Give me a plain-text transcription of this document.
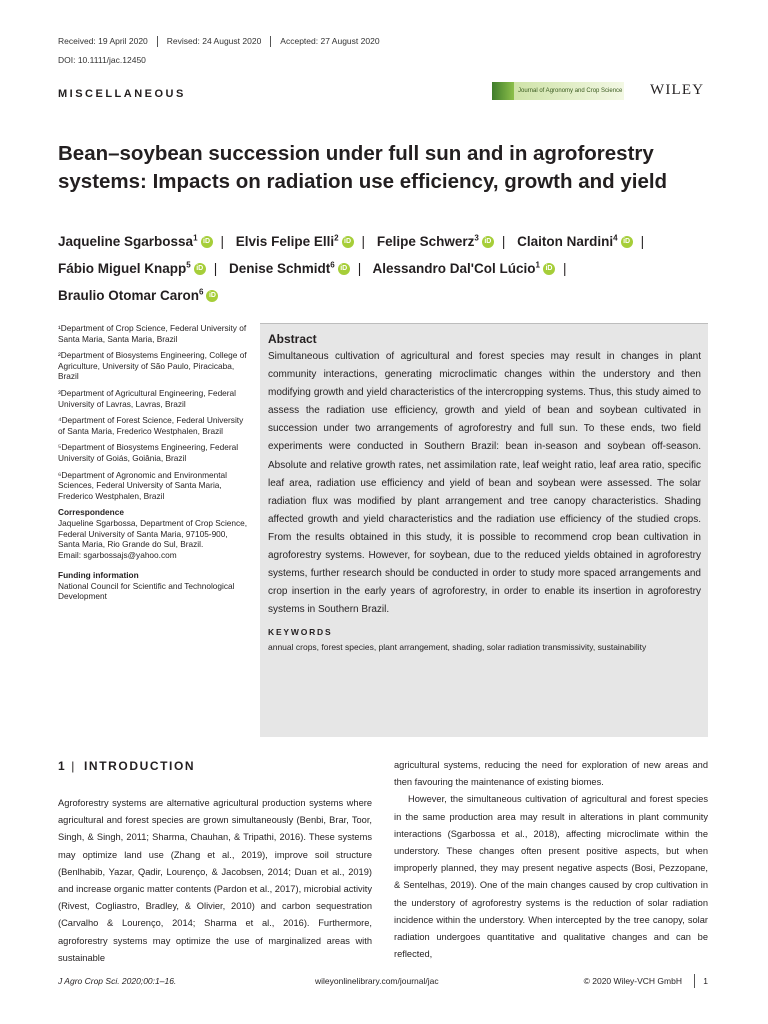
Received: 19 April 2020	Revised: 24 August 2020	Accepted: 27 August 2020
DOI: 10.1111/jac.12450
MISCELLANEOUS	Journal of Agronomy and Crop Science WILEY
Bean–soybean succession under full sun and in agroforestry systems: Impacts on radiation use efficiency, growth and yield
Jaqueline Sgarbossa$^1$ iD | Elvis Felipe Elli$^2$ iD | Felipe Schwerz$^3$ iD | Claiton Nardini$^4$ iD | Fábio Miguel Knapp$^5$ iD | Denise Schmidt$^6$ iD | Alessandro Dal'Col Lúcio$^1$ iD | Braulio Otomar Caron$^6$ iD
¹Department of Crop Science, Federal University of Santa Maria, Santa Maria, Brazil
²Department of Biosystems Engineering, College of Agriculture, University of São Paulo, Piracicaba, Brazil
³Department of Agricultural Engineering, Federal University of Lavras, Lavras, Brazil
⁴Department of Forest Science, Federal University of Santa Maria, Frederico Westphalen, Brazil
⁵Department of Biosystems Engineering, Federal University of Goiás, Goiânia, Brazil
⁶Department of Agronomic and Environmental Sciences, Federal University of Santa Maria, Frederico Westphalen, Brazil
Correspondence
Jaqueline Sgarbossa, Department of Crop Science, Federal University of Santa Maria, 97105-900, Santa Maria, Rio Grande do Sul, Brazil.
Email: sgarbossajs@yahoo.com
Funding information
National Council for Scientific and Technological Development
Abstract

Simultaneous cultivation of agricultural and forest species may result in changes in plant community interactions, generating microclimatic changes within the understory and then modifying growth and yield characteristics of the intercropping systems. Thus, this study aimed to assess the radiation use efficiency, growth and yield of bean and soybean cultivated in succession under two arrangements of agroforestry and full sun. To these ends, two field experiments were conducted in Southern Brazil: bean in-season and soybean off-season. Absolute and relative growth rates, net assimilation rate, leaf weight ratio, leaf area ratio, specific leaf area, radiation use efficiency and yield of bean and soybean were assessed. The solar radiation flux was modified by plant arrangement and tree canopy characteristics. Shading affected growth and yield characteristics and the radiation use efficiency of the studied crops. From the results obtained in this study, it is possible to recommend crop bean cultivation in agroforestry systems. However, for soybean, due to the reduced yields obtained in agroforestry systems, further research should be conducted in order to study more spaced arrangements and crop insertion in the early years of agroforestry, in order to enable its insertion in agroforestry systems in Southern Brazil.

KEYWORDS
annual crops, forest species, plant arrangement, shading, solar radiation transmissivity, sustainability
1 | INTRODUCTION

Agroforestry systems are alternative agricultural production systems where agricultural and forest species are grown simultaneously (Benbi, Brar, Toor, Singh, & Singh, 2011; Sharma, Chauhan, & Tripathi, 2016). These systems may optimize land use (Zhang et al., 2019), improve soil structure (Benlhabib, Yazar, Qadir, Lourenço, & Jacobsen, 2014; Duan et al., 2019) and increase organic matter contents (Pardon et al., 2017), microbial activity (Rivest, Cogliastro, Bradley, & Olivier, 2010) and carbon sequestration (Carvalho & Lourenço, 2014; Sharma et al., 2016). Furthermore, agroforestry systems may optimize the use of marginalized areas with sustainable

agricultural systems, reducing the need for exploration of new areas and then favouring the maintenance of existing biomes.

However, the simultaneous cultivation of agricultural and forest species in the same production area may result in alterations in plant community interactions (Sgarbossa et al., 2018), affecting microclimate within the understory. These changes often present positive aspects, but when improperly planned, they may present negative aspects (Bosi, Pezzopane, & Sentelhas, 2019). One of the main changes caused by crop cultivation in the understory of agroforestry systems is the reduction of solar radiation incidence within the understory. When intercepted by the tree canopy, solar radiation undergoes quantitative and qualitative changes and can be reflected,

J Agro Crop Sci. 2020;00:1–16.	wileyonlinelibrary.com/journal/jac	© 2020 Wiley-VCH GmbH	1
